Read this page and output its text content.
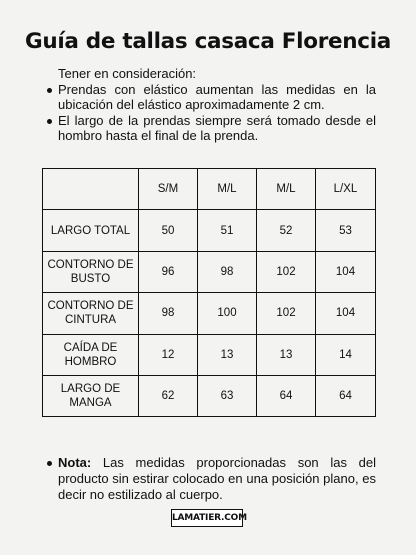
Guía de tallas casaca Florencia
Tener en consideración:
Prendas con elástico aumentan las medidas en la ubicación del elástico aproximadamente 2 cm.
El largo de la prendas siempre será tomado desde el hombro hasta el final de la prenda.
	S/M	M/L	M/L	L/XL
LARGO TOTAL	50	51	52	53
CONTORNO DE BUSTO	96	98	102	104
CONTORNO DE CINTURA	98	100	102	104
CAÍDA DE HOMBRO	12	13	13	14
LARGO DE MANGA	62	63	64	64
Nota: Las medidas proporcionadas son las del producto sin estirar colocado en una posición plano, es decir no estilizado al cuerpo.
LAMATIER.COM
